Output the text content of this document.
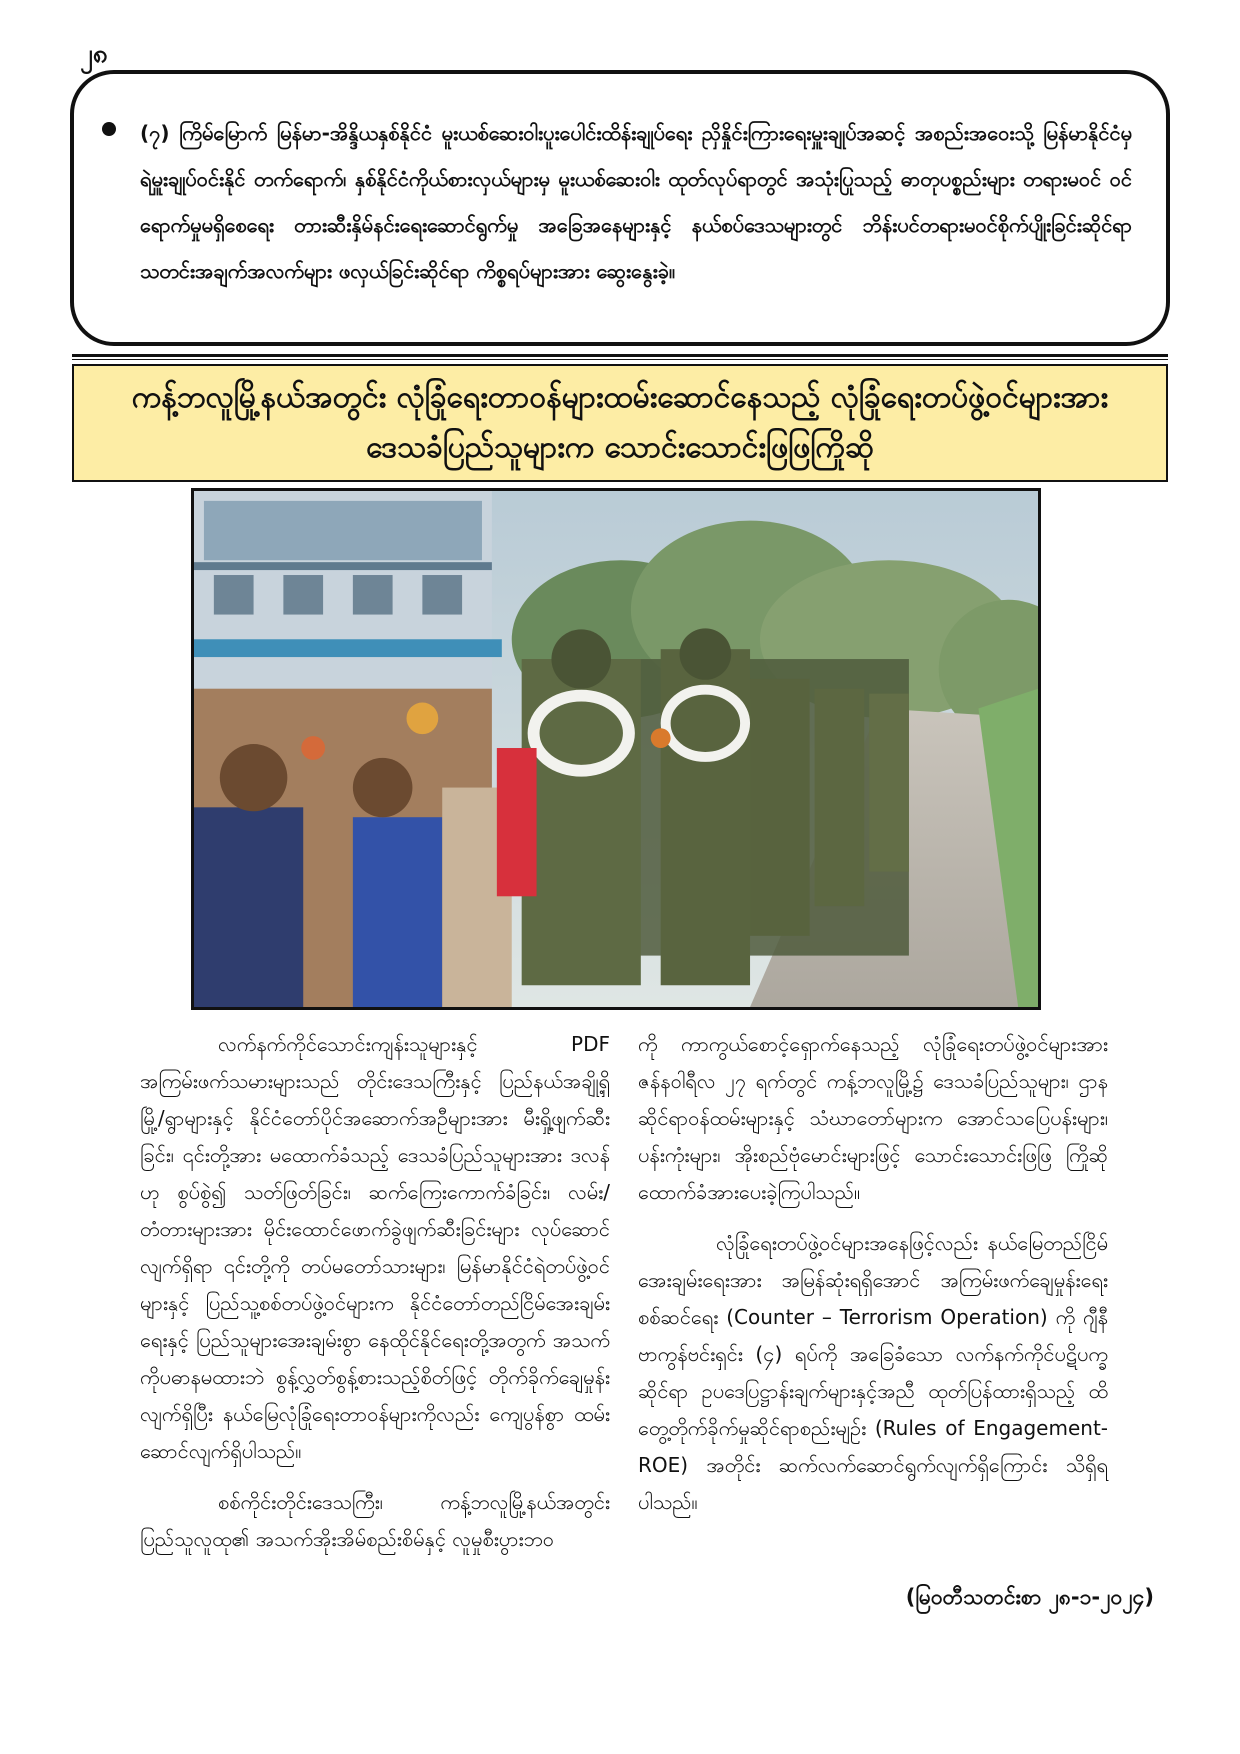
၂၈

(၇) ကြိမ်မြောက် မြန်မာ-အိန္ဒိယနှစ်နိုင်ငံ မူးယစ်ဆေးဝါးပူးပေါင်းထိန်းချုပ်ရေး ညှိနှိုင်းကြားရေးမှူးချုပ်အဆင့် အစည်းအဝေးသို့ မြန်မာနိုင်ငံမှ ရဲမှူးချုပ်ဝင်းနိုင် တက်ရောက်၊ နှစ်နိုင်ငံကိုယ်စားလှယ်များမှ မူးယစ်ဆေးဝါး ထုတ်လုပ်ရာတွင် အသုံးပြုသည့် ဓာတုပစ္စည်းများ တရားမဝင် ဝင်ရောက်မှုမရှိစေရေး တားဆီးနှိမ်နင်းရေးဆောင်ရွက်မှု အခြေအနေများနှင့် နယ်စပ်ဒေသများတွင် ဘိန်းပင်တရားမဝင်စိုက်ပျိုးခြင်းဆိုင်ရာ သတင်းအချက်အလက်များ ဖလှယ်ခြင်းဆိုင်ရာ ကိစ္စရပ်များအား ဆွေးနွေးခဲ့။

ကန့်ဘလူမြို့နယ်အတွင်း လုံခြုံရေးတာဝန်များထမ်းဆောင်နေသည့် လုံခြုံရေးတပ်ဖွဲ့ဝင်များအား ဒေသခံပြည်သူများက သောင်းသောင်းဖြဖြကြိုဆို

လက်နက်ကိုင်သောင်းကျန်းသူများနှင့် PDF အကြမ်းဖက်သမားများသည် တိုင်းဒေသကြီးနှင့် ပြည်နယ်အချို့ရှိ မြို့/ရွာများနှင့် နိုင်ငံတော်ပိုင်အဆောက်အဦများအား မီးရှို့ဖျက်ဆီးခြင်း၊ ၎င်းတို့အား မထောက်ခံသည့် ဒေသခံပြည်သူများအား ဒလန်ဟု စွပ်စွဲ၍ သတ်ဖြတ်ခြင်း၊ ဆက်ကြေးကောက်ခံခြင်း၊ လမ်း/တံတားများအား မိုင်းထောင်ဖောက်ခွဲဖျက်ဆီးခြင်းများ လုပ်ဆောင်လျက်ရှိရာ ၎င်းတို့ကို တပ်မတော်သားများ၊ မြန်မာနိုင်ငံရဲတပ်ဖွဲ့ဝင်များနှင့် ပြည်သူ့စစ်တပ်ဖွဲ့ဝင်များက နိုင်ငံတော်တည်ငြိမ်အေးချမ်းရေးနှင့် ပြည်သူများအေးချမ်းစွာ နေထိုင်နိုင်ရေးတို့အတွက် အသက်ကိုပဓာနမထားဘဲ စွန့်လွှတ်စွန့်စားသည့်စိတ်ဖြင့် တိုက်ခိုက်ချေမှုန်းလျက်ရှိပြီး နယ်မြေလုံခြုံရေးတာဝန်များကိုလည်း ကျေပွန်စွာ ထမ်းဆောင်လျက်ရှိပါသည်။

စစ်ကိုင်းတိုင်းဒေသကြီး၊ ကန့်ဘလူမြို့နယ်အတွင်း ပြည်သူလူထု၏ အသက်အိုးအိမ်စည်းစိမ်နှင့် လူမှုစီးပွားဘဝ

ကို ကာကွယ်စောင့်ရှောက်နေသည့် လုံခြုံရေးတပ်ဖွဲ့ဝင်များအား ဇန်နဝါရီလ ၂၇ ရက်တွင် ကန့်ဘလူမြို့၌ ဒေသခံပြည်သူများ၊ ဌာနဆိုင်ရာဝန်ထမ်းများနှင့် သံဃာတော်များက အောင်သပြေပန်းများ၊ ပန်းကုံးများ၊ အိုးစည်ဗုံမောင်းများဖြင့် သောင်းသောင်းဖြဖြ ကြိုဆိုထောက်ခံအားပေးခဲ့ကြပါသည်။

လုံခြုံရေးတပ်ဖွဲ့ဝင်များအနေဖြင့်လည်း နယ်မြေတည်ငြိမ်အေးချမ်းရေးအား အမြန်ဆုံးရရှိအောင် အကြမ်းဖက်ချေမှုန်းရေးစစ်ဆင်ရေး (Counter – Terrorism Operation) ကို ဂျီနီဗာကွန်ဗင်းရှင်း (၄) ရပ်ကို အခြေခံသော လက်နက်ကိုင်ပဋိပက္ခဆိုင်ရာ ဥပဒေပြဋ္ဌာန်းချက်များနှင့်အညီ ထုတ်ပြန်ထားရှိသည့် ထိတွေ့တိုက်ခိုက်မှုဆိုင်ရာစည်းမျဉ်း (Rules of Engagement-ROE) အတိုင်း ဆက်လက်ဆောင်ရွက်လျက်ရှိကြောင်း သိရှိရပါသည်။

(မြဝတီသတင်းစာ ၂၈-၁-၂၀၂၄)
